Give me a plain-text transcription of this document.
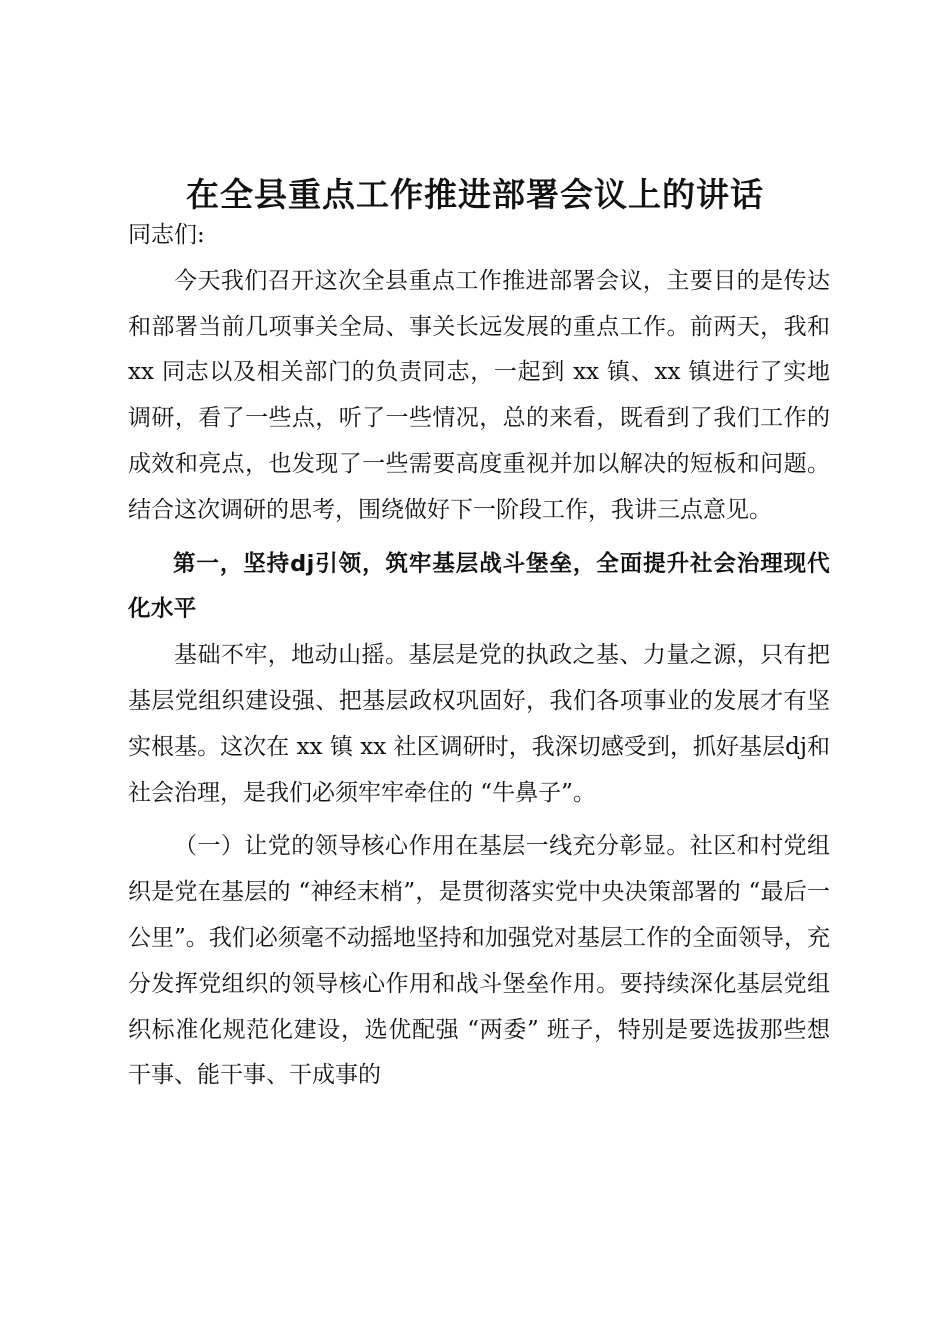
在全县重点工作推进部署会议上的讲话

同志们:

今天我们召开这次全县重点工作推进部署会议，主要目的是传达和部署当前几项事关全局、事关长远发展的重点工作。前两天，我和 xx 同志以及相关部门的负责同志，一起到 xx 镇、xx 镇进行了实地调研，看了一些点，听了一些情况，总的来看，既看到了我们工作的成效和亮点，也发现了一些需要高度重视并加以解决的短板和问题。结合这次调研的思考，围绕做好下一阶段工作，我讲三点意见。

第一，坚持dj引领，筑牢基层战斗堡垒，全面提升社会治理现代化水平

基础不牢，地动山摇。基层是党的执政之基、力量之源，只有把基层党组织建设强、把基层政权巩固好，我们各项事业的发展才有坚实根基。这次在 xx 镇 xx 社区调研时，我深切感受到，抓好基层dj和社会治理，是我们必须牢牢牵住的 “牛鼻子”。

（一）让党的领导核心作用在基层一线充分彰显。社区和村党组织是党在基层的 “神经末梢”，是贯彻落实党中央决策部署的 “最后一公里”。我们必须毫不动摇地坚持和加强党对基层工作的全面领导，充分发挥党组织的领导核心作用和战斗堡垒作用。要持续深化基层党组织标准化规范化建设，选优配强 “两委” 班子，特别是要选拔那些想干事、能干事、干成事的
